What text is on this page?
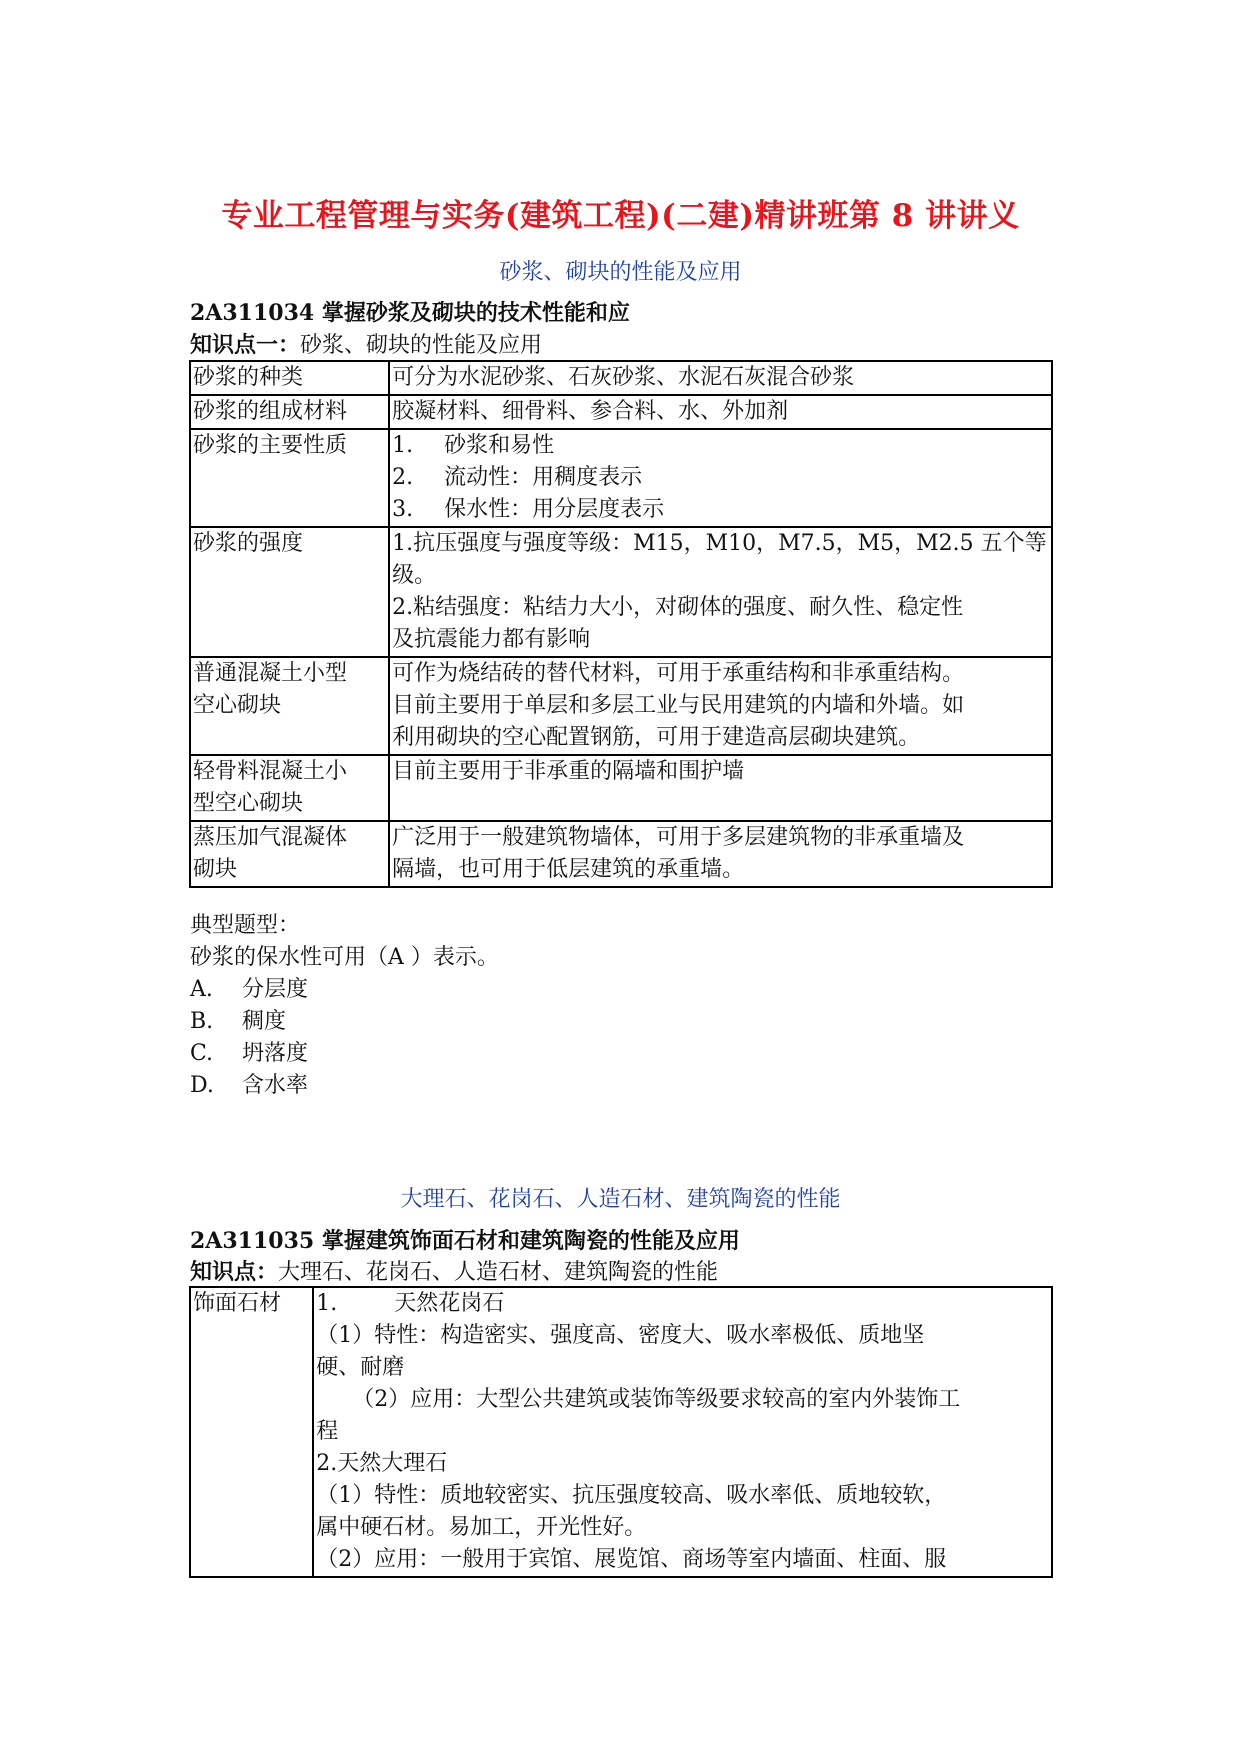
专业工程管理与实务(建筑工程)(二建)精讲班第 8 讲讲义
砂浆、砌块的性能及应用
2A311034 掌握砂浆及砌块的技术性能和应
知识点一：砂浆、砌块的性能及应用
砂浆的种类	可分为水泥砂浆、石灰砂浆、水泥石灰混合砂浆
砂浆的组成材料	胶凝材料、细骨料、参合料、水、外加剂
砂浆的主要性质	1. 砂浆和易性
2. 流动性：用稠度表示
3. 保水性：用分层度表示

砂浆的强度	1.抗压强度与强度等级：M15，M10，M7.5，M5，M2.5 五个等
级。
2.粘结强度：粘结力大小，对砌体的强度、耐久性、稳定性
及抗震能力都有影响

普通混凝土小型
空心砌块	可作为烧结砖的替代材料，可用于承重结构和非承重结构。
目前主要用于单层和多层工业与民用建筑的内墙和外墙。如
利用砌块的空心配置钢筋，可用于建造高层砌块建筑。

轻骨料混凝土小
型空心砌块	目前主要用于非承重的隔墙和围护墙

蒸压加气混凝体
砌块	广泛用于一般建筑物墙体，可用于多层建筑物的非承重墙及
隔墙，也可用于低层建筑的承重墙。
典型题型：
砂浆的保水性可用（A ）表示。
A. 分层度
B. 稠度
C. 坍落度
D. 含水率
大理石、花岗石、人造石材、建筑陶瓷的性能
2A311035 掌握建筑饰面石材和建筑陶瓷的性能及应用
知识点：大理石、花岗石、人造石材、建筑陶瓷的性能
饰面石材	1.	天然花岗石
（1）特性：构造密实、强度高、密度大、吸水率极低、质地坚
硬、耐磨
（2）应用：大型公共建筑或装饰等级要求较高的室内外装饰工
程
2.天然大理石
（1）特性：质地较密实、抗压强度较高、吸水率低、质地较软，
属中硬石材。易加工，开光性好。
（2）应用：一般用于宾馆、展览馆、商场等室内墙面、柱面、服
